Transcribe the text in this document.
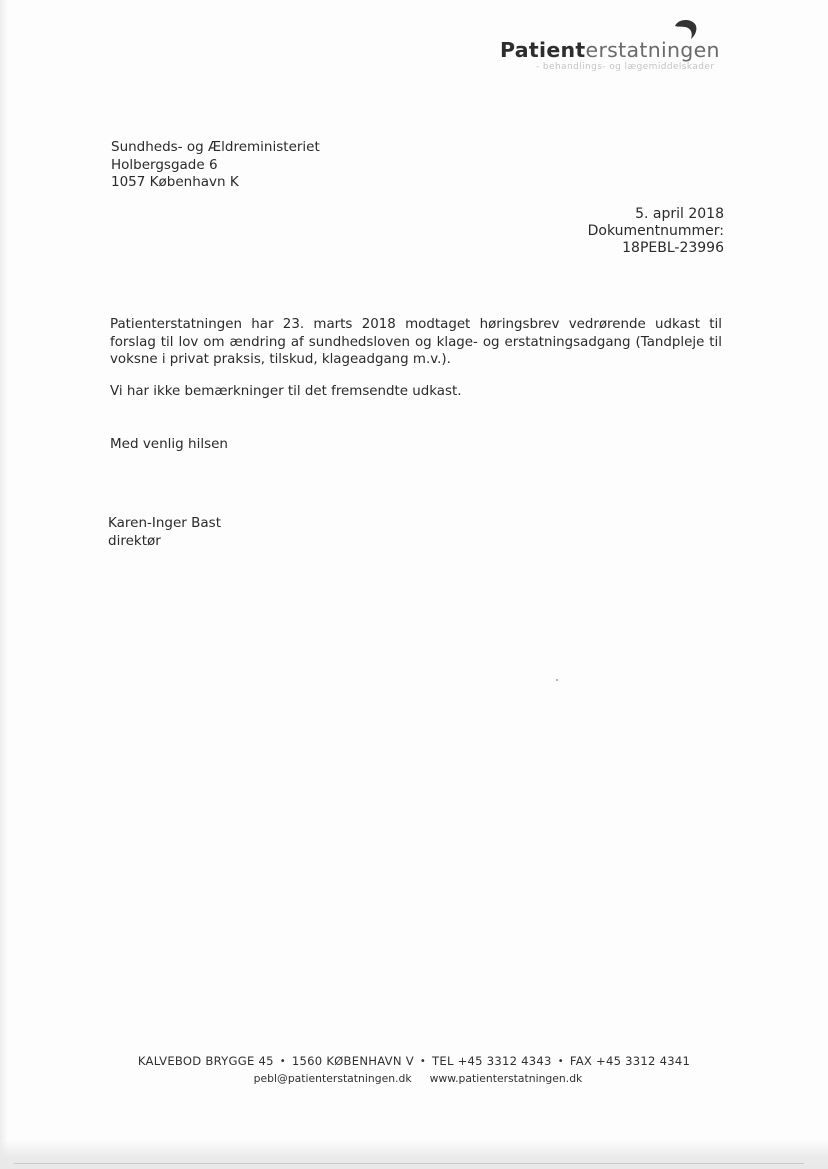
Patienterstatningen
- behandlings- og lægemiddelskader
Sundheds- og Ældreministeriet
Holbergsgade 6
1057 København K
5. april 2018
Dokumentnummer:
18PEBL-23996

Patienterstatningen har 23. marts 2018 modtaget høringsbrev vedrørende udkast til forslag til lov om ændring af sundhedsloven og klage- og erstatningsadgang (Tandpleje til voksne i privat praksis, tilskud, klageadgang m.v.).

Vi har ikke bemærkninger til det fremsendte udkast.

Med venlig hilsen
Karen-Inger Bast
direktør
KALVEBOD BRYGGE 45 • 1560 KØBENHAVN V • TEL +45 3312 4343 • FAX +45 3312 4341
pebl@patienterstatningen.dk www.patienterstatningen.dk
